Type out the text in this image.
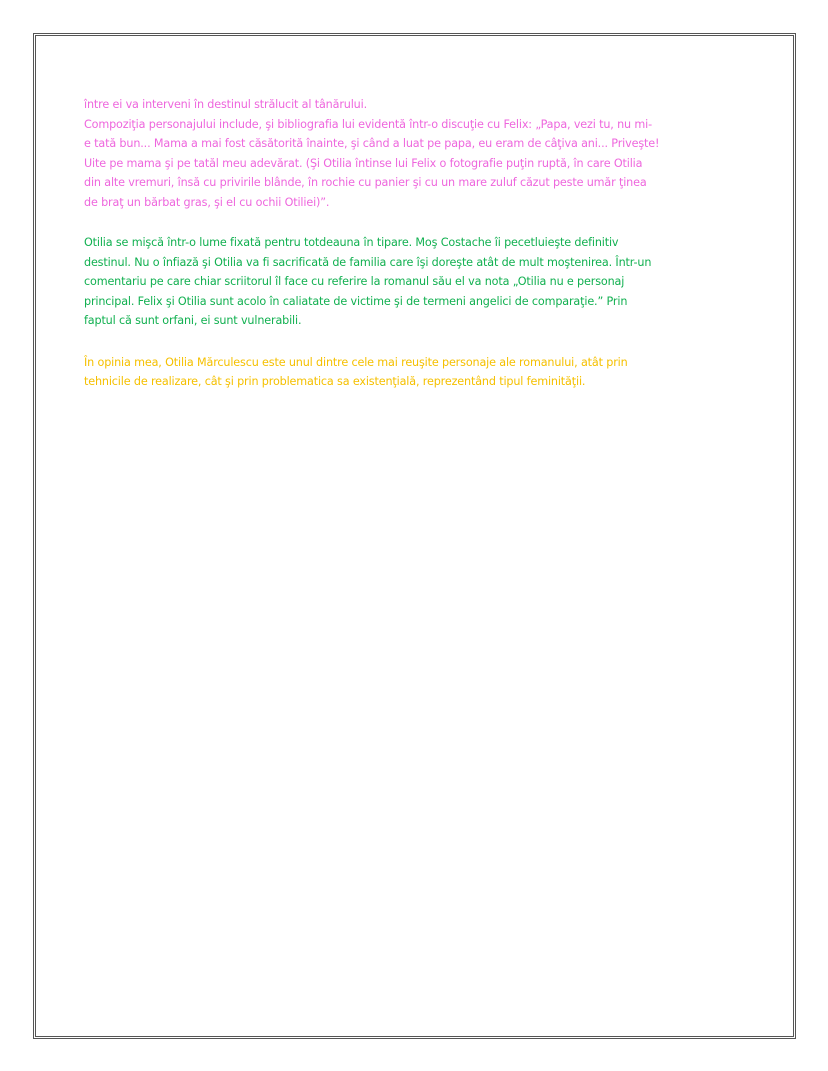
între ei va interveni în destinul strălucit al tânărului.
Compoziţia personajului include, şi bibliografia lui evidentă într-o discuţie cu Felix: „Papa, vezi tu, nu mi-
e tată bun... Mama a mai fost căsătorită înainte, şi când a luat pe papa, eu eram de câţiva ani... Priveşte!
Uite pe mama şi pe tatăl meu adevărat. (Şi Otilia întinse lui Felix o fotografie puţin ruptă, în care Otilia
din alte vremuri, însă cu privirile blânde, în rochie cu panier şi cu un mare zuluf căzut peste umăr ţinea
de braţ un bărbat gras, şi el cu ochii Otiliei)”.

Otilia se mişcă într-o lume fixată pentru totdeauna în tipare. Moş Costache îi pecetluieşte definitiv
destinul. Nu o înfiază şi Otilia va fi sacrificată de familia care îşi doreşte atât de mult moştenirea. Într-un
comentariu pe care chiar scriitorul îl face cu referire la romanul său el va nota „Otilia nu e personaj
principal. Felix şi Otilia sunt acolo în caliatate de victime şi de termeni angelici de comparaţie.” Prin
faptul că sunt orfani, ei sunt vulnerabili.

În opinia mea, Otilia Mărculescu este unul dintre cele mai reuşite personaje ale romanului, atât prin
tehnicile de realizare, cât şi prin problematica sa existenţială, reprezentând tipul feminităţii.
